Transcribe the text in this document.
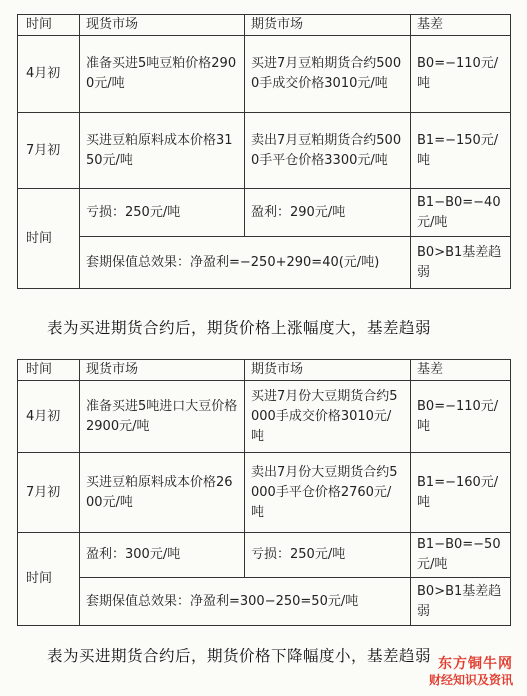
时间	现货市场	期货市场	基差
4月初	准备买进5吨豆粕价格2900元/吨	买进7月豆粕期货合约5000手成交价格3010元/吨	B0=−110元/吨
7月初	买进豆粕原料成本价格3150元/吨	卖出7月豆粕期货合约5000手平仓价格3300元/吨	B1=−150元/吨
时间	亏损：250元/吨	盈利：290元/吨	B1−B0=−40元/吨
	套期保值总效果：净盈利=−250+290=40(元/吨)		B0>B1基差趋弱

表为买进期货合约后，期货价格上涨幅度大，基差趋弱

时间	现货市场	期货市场	基差
4月初	准备买进5吨进口大豆价格2900元/吨	买进7月份大豆期货合约5000手成交价格3010元/吨	B0=−110元/吨
7月初	买进豆粕原料成本价格2600元/吨	卖出7月份大豆期货合约5000手平仓价格2760元/吨	B1=−160元/吨
时间	盈利：300元/吨	亏损：250元/吨	B1−B0=−50元/吨
	套期保值总效果：净盈利=300−250=50元/吨		B0>B1基差趋弱

表为买进期货合约后，期货价格下降幅度小，基差趋弱 东方铜牛网
财经知识及资讯
